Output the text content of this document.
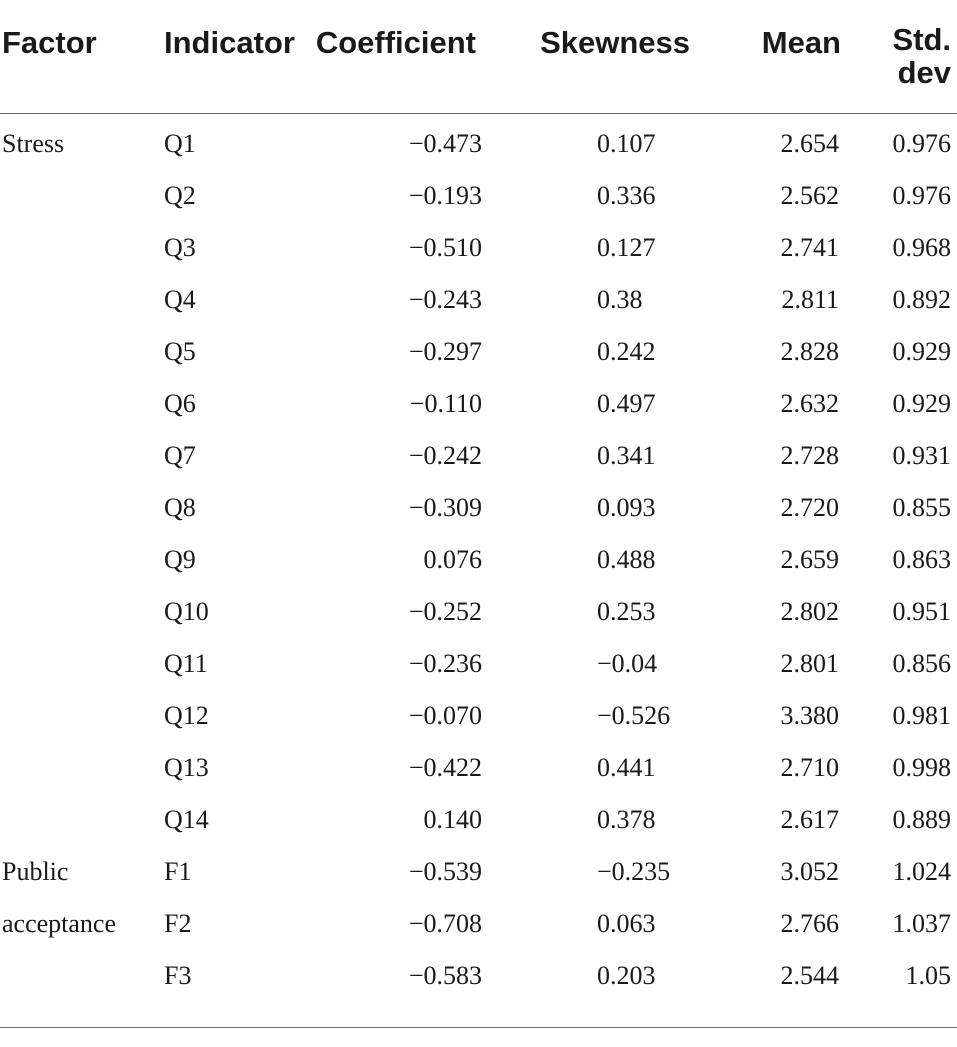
Factor	Indicator	Coefficient	Skewness	Mean	Std.
dev
Stress	Q1	−0.473	0.107	2.654	0.976
	Q2	−0.193	0.336	2.562	0.976
	Q3	−0.510	0.127	2.741	0.968
	Q4	−0.243	0.38	2.811	0.892
	Q5	−0.297	0.242	2.828	0.929
	Q6	−0.110	0.497	2.632	0.929
	Q7	−0.242	0.341	2.728	0.931
	Q8	−0.309	0.093	2.720	0.855
	Q9	0.076	0.488	2.659	0.863
	Q10	−0.252	0.253	2.802	0.951
	Q11	−0.236	−0.04	2.801	0.856
	Q12	−0.070	−0.526	3.380	0.981
	Q13	−0.422	0.441	2.710	0.998
	Q14	0.140	0.378	2.617	0.889
Public	F1	−0.539	−0.235	3.052	1.024
acceptance	F2	−0.708	0.063	2.766	1.037
	F3	−0.583	0.203	2.544	1.05
